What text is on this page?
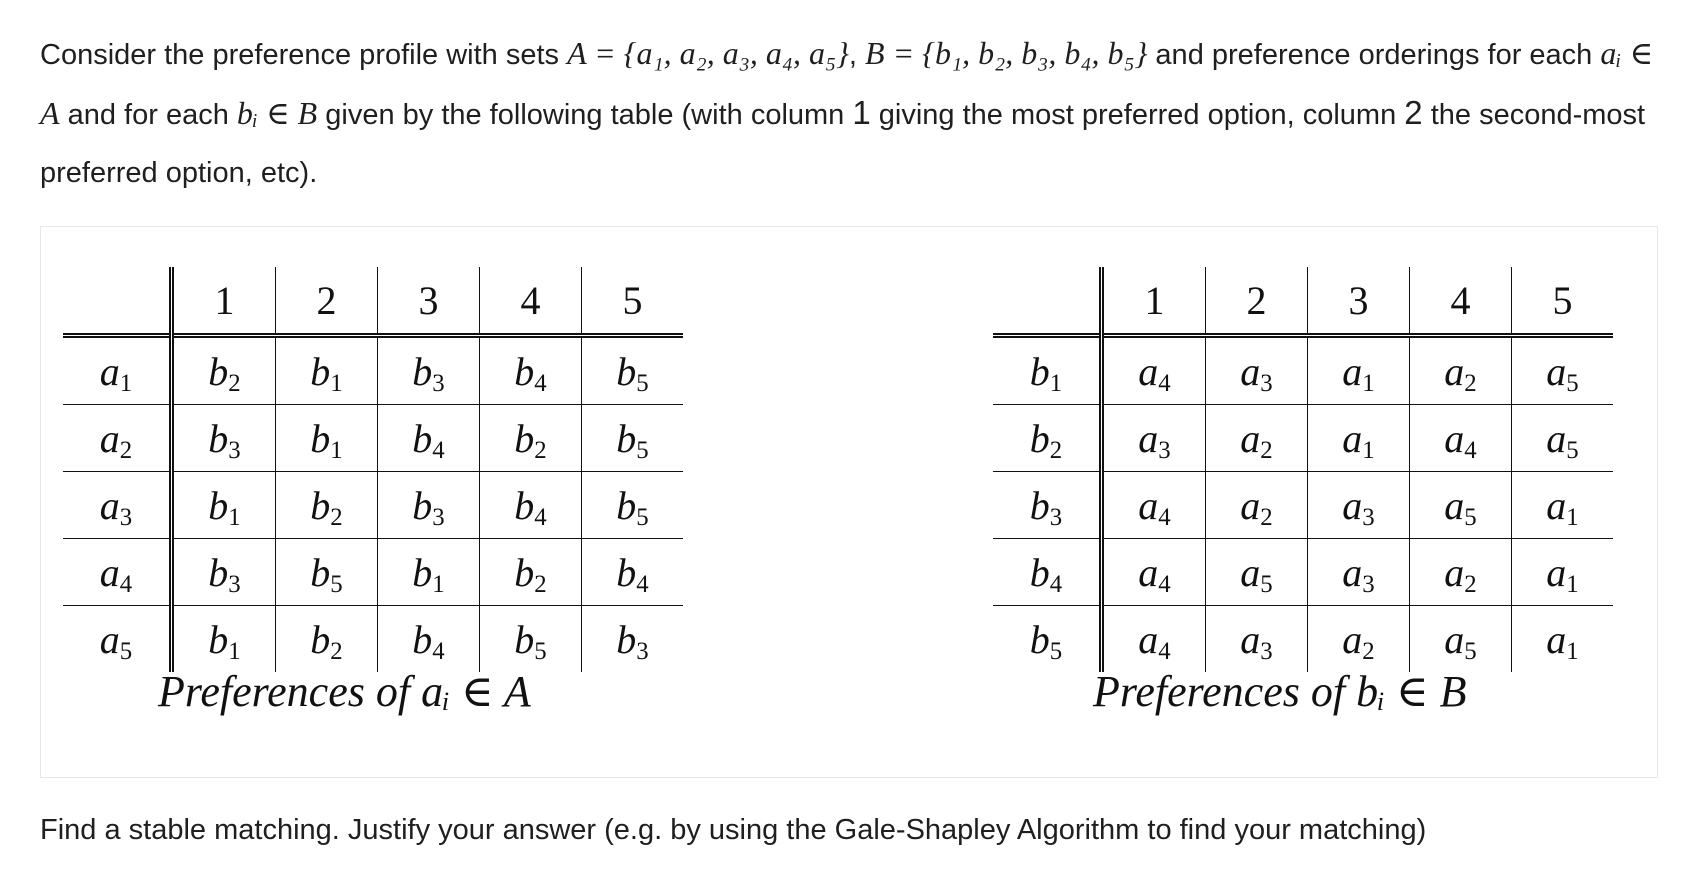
Consider the preference profile with sets A = {a₁, a₂, a₃, a₄, a₅}, B = {b₁, b₂, b₃, b₄, b₅} and preference orderings for each aᵢ ∈ A and for each bᵢ ∈ B given by the following table (with column 1 giving the most preferred option, column 2 the second-most preferred option, etc).
	1	2	3	4	5
$a_1$	$b_2$	$b_1$	$b_3$	$b_4$	$b_5$
$a_2$	$b_3$	$b_1$	$b_4$	$b_2$	$b_5$
$a_3$	$b_1$	$b_2$	$b_3$	$b_4$	$b_5$
$a_4$	$b_3$	$b_5$	$b_1$	$b_2$	$b_4$
$a_5$	$b_1$	$b_2$	$b_4$	$b_5$	$b_3$
Preferences of aᵢ ∈ A
	1	2	3	4	5
$b_1$	$a_4$	$a_3$	$a_1$	$a_2$	$a_5$
$b_2$	$a_3$	$a_2$	$a_1$	$a_4$	$a_5$
$b_3$	$a_4$	$a_2$	$a_3$	$a_5$	$a_1$
$b_4$	$a_4$	$a_5$	$a_3$	$a_2$	$a_1$
$b_5$	$a_4$	$a_3$	$a_2$	$a_5$	$a_1$
Preferences of bᵢ ∈ B
Find a stable matching. Justify your answer (e.g. by using the Gale-Shapley Algorithm to find your matching)
